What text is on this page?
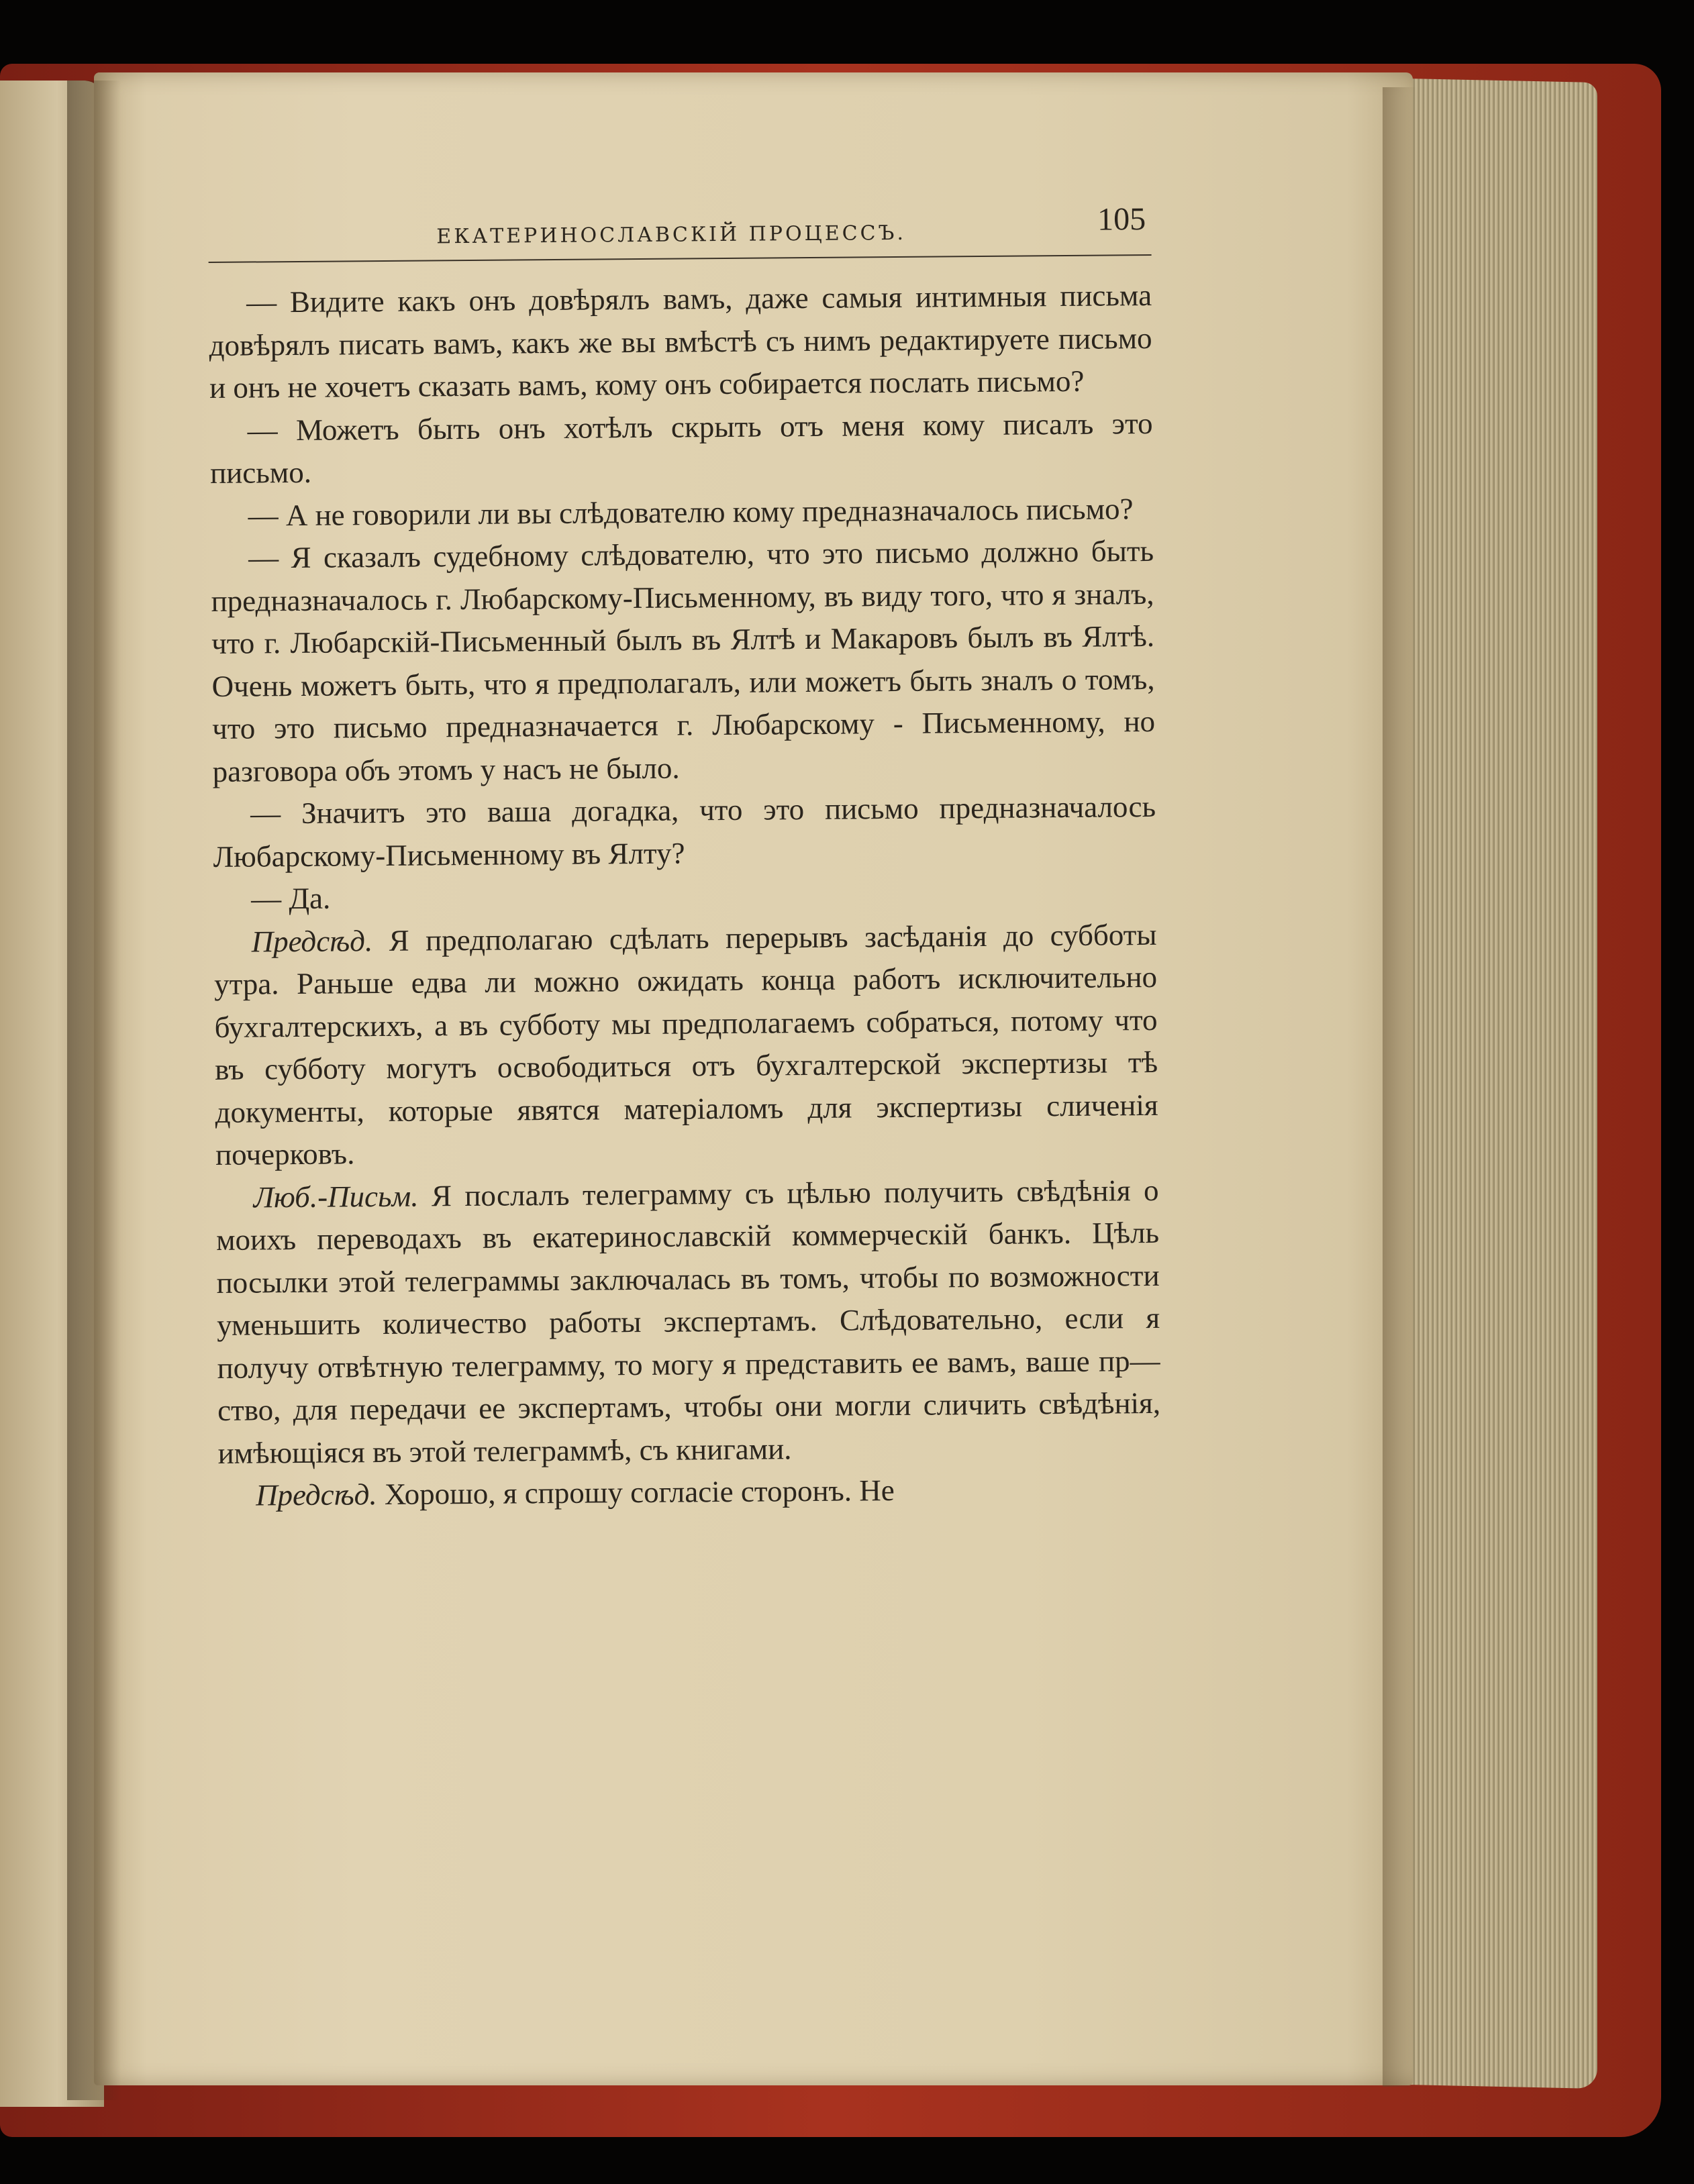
ЕКАТЕРИНОСЛАВСКІЙ ПРОЦЕССЪ.	105

— Видите какъ онъ довѣрялъ вамъ, даже самыя интимныя письма довѣрялъ писать вамъ, какъ же вы вмѣстѣ съ нимъ редактируете письмо и онъ не хочетъ сказать вамъ, кому онъ собирается послать письмо?

— Можетъ быть онъ хотѣлъ скрыть отъ меня кому писалъ это письмо.

— А не говорили ли вы слѣдователю кому предназначалось письмо?

— Я сказалъ судебному слѣдователю, что это письмо должно быть предназначалось г. Любарскому-Письменному, въ виду того, что я зналъ, что г. Любарскій-Письменный былъ въ Ялтѣ и Макаровъ былъ въ Ялтѣ. Очень можетъ быть, что я предполагалъ, или можетъ быть зналъ о томъ, что это письмо предназначается г. Любарскому - Письменному, но разговора объ этомъ у насъ не было.

— Значитъ это ваша догадка, что это письмо предназначалось Любарскому-Письменному въ Ялту?

— Да.

Предсѣд. Я предполагаю сдѣлать перерывъ засѣданія до субботы утра. Раньше едва ли можно ожидать конца работъ исключительно бухгалтерскихъ, а въ субботу мы предполагаемъ собраться, потому что въ субботу могутъ освободиться отъ бухгалтерской экспертизы тѣ документы, которые явятся матеріаломъ для экспертизы сличенія почерковъ.

Люб.-Письм. Я послалъ телеграмму съ цѣлью получить свѣдѣнія о моихъ переводахъ въ екатеринославскій коммерческій банкъ. Цѣль посылки этой телеграммы заключалась въ томъ, чтобы по возможности уменьшить количество работы экспертамъ. Слѣдовательно, если я получу отвѣтную телеграмму, то могу я представить ее вамъ, ваше пр—ство, для передачи ее экспертамъ, чтобы они могли сличить свѣдѣнія, имѣющіяся въ этой телеграммѣ, съ книгами.

Предсѣд. Хорошо, я спрошу согласіе сторонъ. Не
